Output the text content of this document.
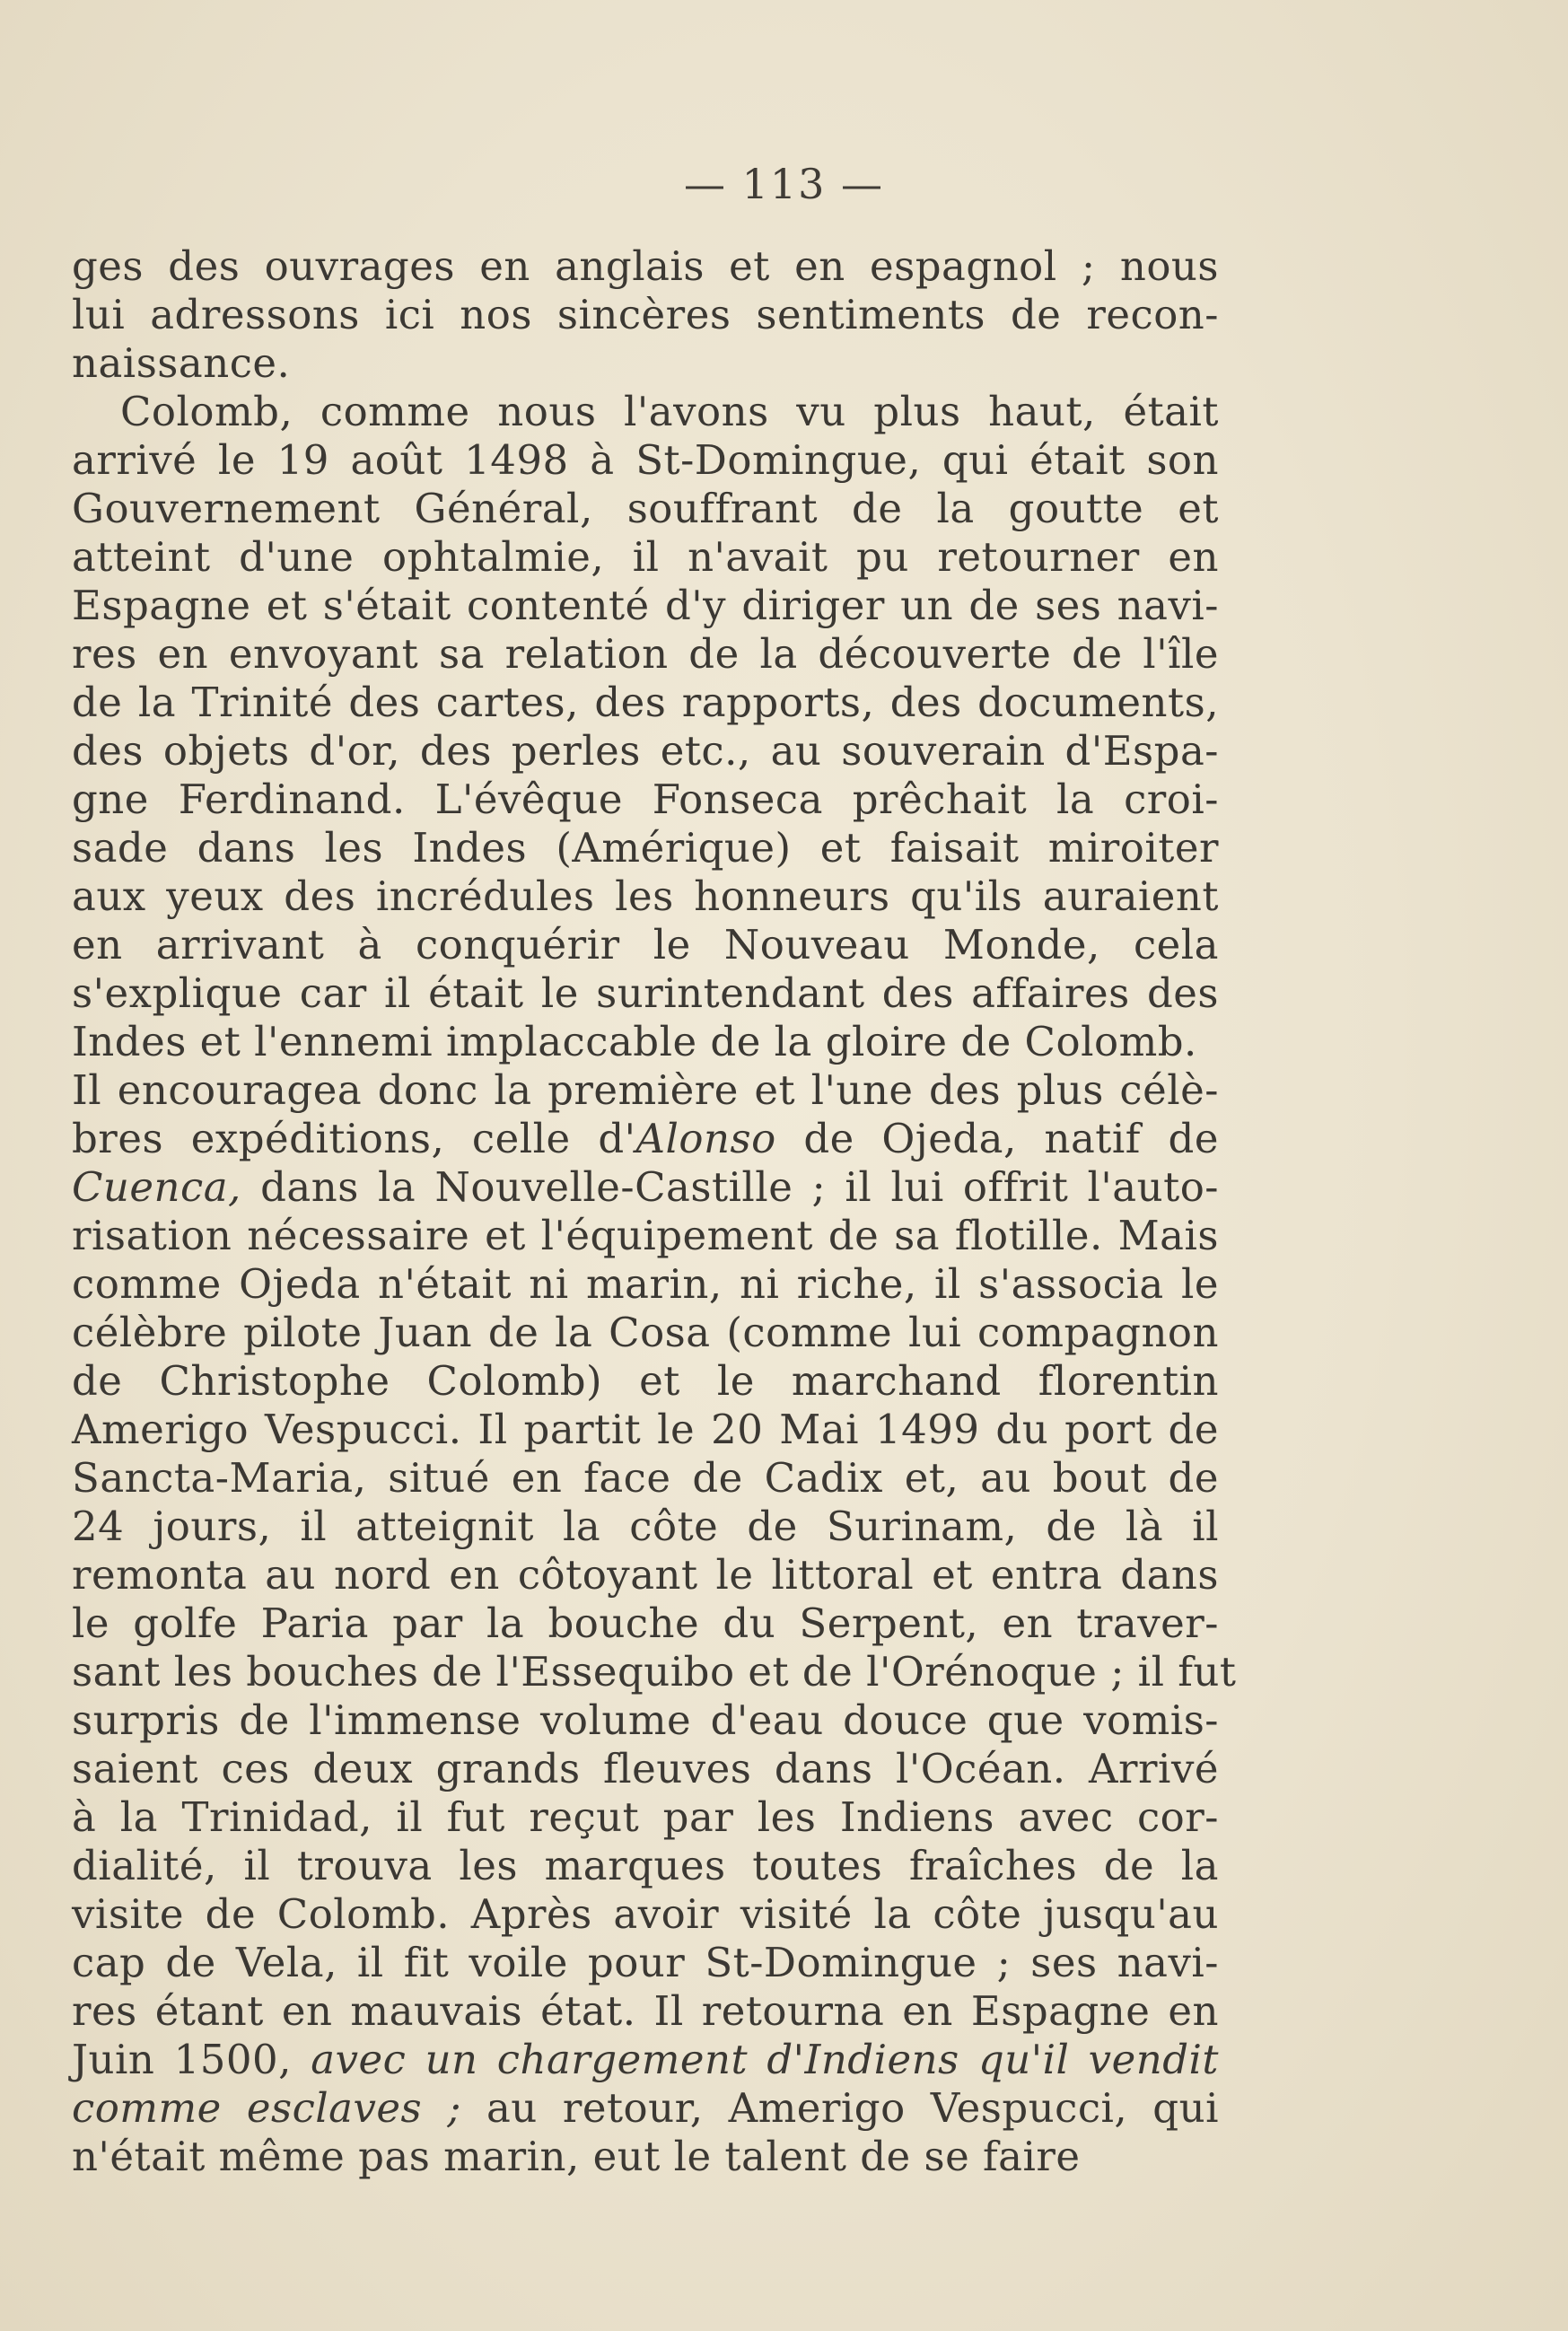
— 113 —
ges des ouvrages en anglais et en espagnol ; nous
lui adressons ici nos sincères sentiments de recon-
naissance.
Colomb, comme nous l'avons vu plus haut, était
arrivé le 19 août 1498 à St-Domingue, qui était son
Gouvernement Général, souffrant de la goutte et
atteint d'une ophtalmie, il n'avait pu retourner en
Espagne et s'était contenté d'y diriger un de ses navi-
res en envoyant sa relation de la découverte de l'île
de la Trinité des cartes, des rapports, des documents,
des objets d'or, des perles etc., au souverain d'Espa-
gne Ferdinand. L'évêque Fonseca prêchait la croi-
sade dans les Indes (Amérique) et faisait miroiter
aux yeux des incrédules les honneurs qu'ils auraient
en arrivant à conquérir le Nouveau Monde, cela
s'explique car il était le surintendant des affaires des
Indes et l'ennemi implaccable de la gloire de Colomb.
Il encouragea donc la première et l'une des plus célè-
bres expéditions, celle d'Alonso de Ojeda, natif de
Cuenca, dans la Nouvelle-Castille ; il lui offrit l'auto-
risation nécessaire et l'équipement de sa flotille. Mais
comme Ojeda n'était ni marin, ni riche, il s'associa le
célèbre pilote Juan de la Cosa (comme lui compagnon
de Christophe Colomb) et le marchand florentin
Amerigo Vespucci. Il partit le 20 Mai 1499 du port de
Sancta-Maria, situé en face de Cadix et, au bout de
24 jours, il atteignit la côte de Surinam, de là il
remonta au nord en côtoyant le littoral et entra dans
le golfe Paria par la bouche du Serpent, en traver-
sant les bouches de l'Essequibo et de l'Orénoque ; il fut
surpris de l'immense volume d'eau douce que vomis-
saient ces deux grands fleuves dans l'Océan. Arrivé
à la Trinidad, il fut reçut par les Indiens avec cor-
dialité, il trouva les marques toutes fraîches de la
visite de Colomb. Après avoir visité la côte jusqu'au
cap de Vela, il fit voile pour St-Domingue ; ses navi-
res étant en mauvais état. Il retourna en Espagne en
Juin 1500, avec un chargement d'Indiens qu'il vendit
comme esclaves ; au retour, Amerigo Vespucci, qui
n'était même pas marin, eut le talent de se faire
